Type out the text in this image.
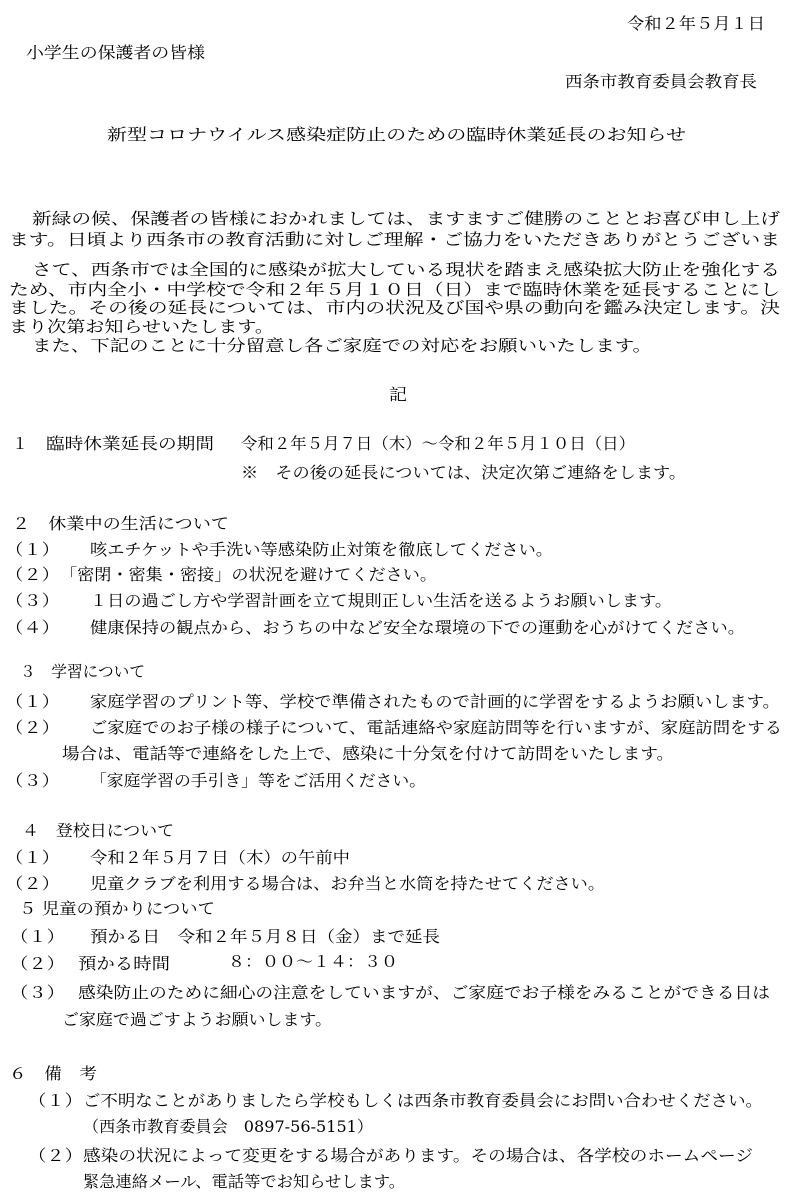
令和２年５月１日
小学生の保護者の皆様
西条市教育委員会教育長
新型コロナウイルス感染症防止のための臨時休業延長のお知らせ
新緑の候、保護者の皆様におかれましては、ますますご健勝のこととお喜び申し上げ
ます。日頃より西条市の教育活動に対しご理解・ご協力をいただきありがとうございま
さて、西条市では全国的に感染が拡大している現状を踏まえ感染拡大防止を強化する
ため、市内全小・中学校で令和２年５月１０日（日）まで臨時休業を延長することにし
ました。その後の延長については、市内の状況及び国や県の動向を鑑み決定します。決
まり次第お知らせいたします。
また、下記のことに十分留意し各ご家庭での対応をお願いいたします。
記
１ 臨時休業延長の期間 令和２年５月７日（木）～令和２年５月１０日（日）
※　その後の延長については、決定次第ご連絡をします。
２　休業中の生活について
（１） 咳エチケットや手洗い等感染防止対策を徹底してください。
（２） 「密閉・密集・密接」の状況を避けてください。
（３） １日の過ごし方や学習計画を立て規則正しい生活を送るようお願いします。
（４） 健康保持の観点から、おうちの中など安全な環境の下での運動を心がけてください。
３　学習について
（１） 家庭学習のプリント等、学校で準備されたもので計画的に学習をするようお願いします。
（２） ご家庭でのお子様の様子について、電話連絡や家庭訪問等を行いますが、家庭訪問をする
場合は、電話等で連絡をした上で、感染に十分気を付けて訪問をいたします。
（３） 「家庭学習の手引き」等をご活用ください。
４　登校日について
（１） 令和２年５月７日（木）の午前中
（２） 児童クラブを利用する場合は、お弁当と水筒を持たせてください。
５ 児童の預かりについて
（１） 預かる日　令和２年５月８日（金）まで延長
（２） 預かる時間	８：００～１４：３０
（３） 感染防止のために細心の注意をしていますが、ご家庭でお子様をみることができる日は
ご家庭で過ごすようお願いします。
６　備　考
（１） ご不明なことがありましたら学校もしくは西条市教育委員会にお問い合わせください。
（西条市教育委員会　0897-56-5151）
（２） 感染の状況によって変更をする場合があります。その場合は、各学校のホームページ
緊急連絡メール、電話等でお知らせします。
